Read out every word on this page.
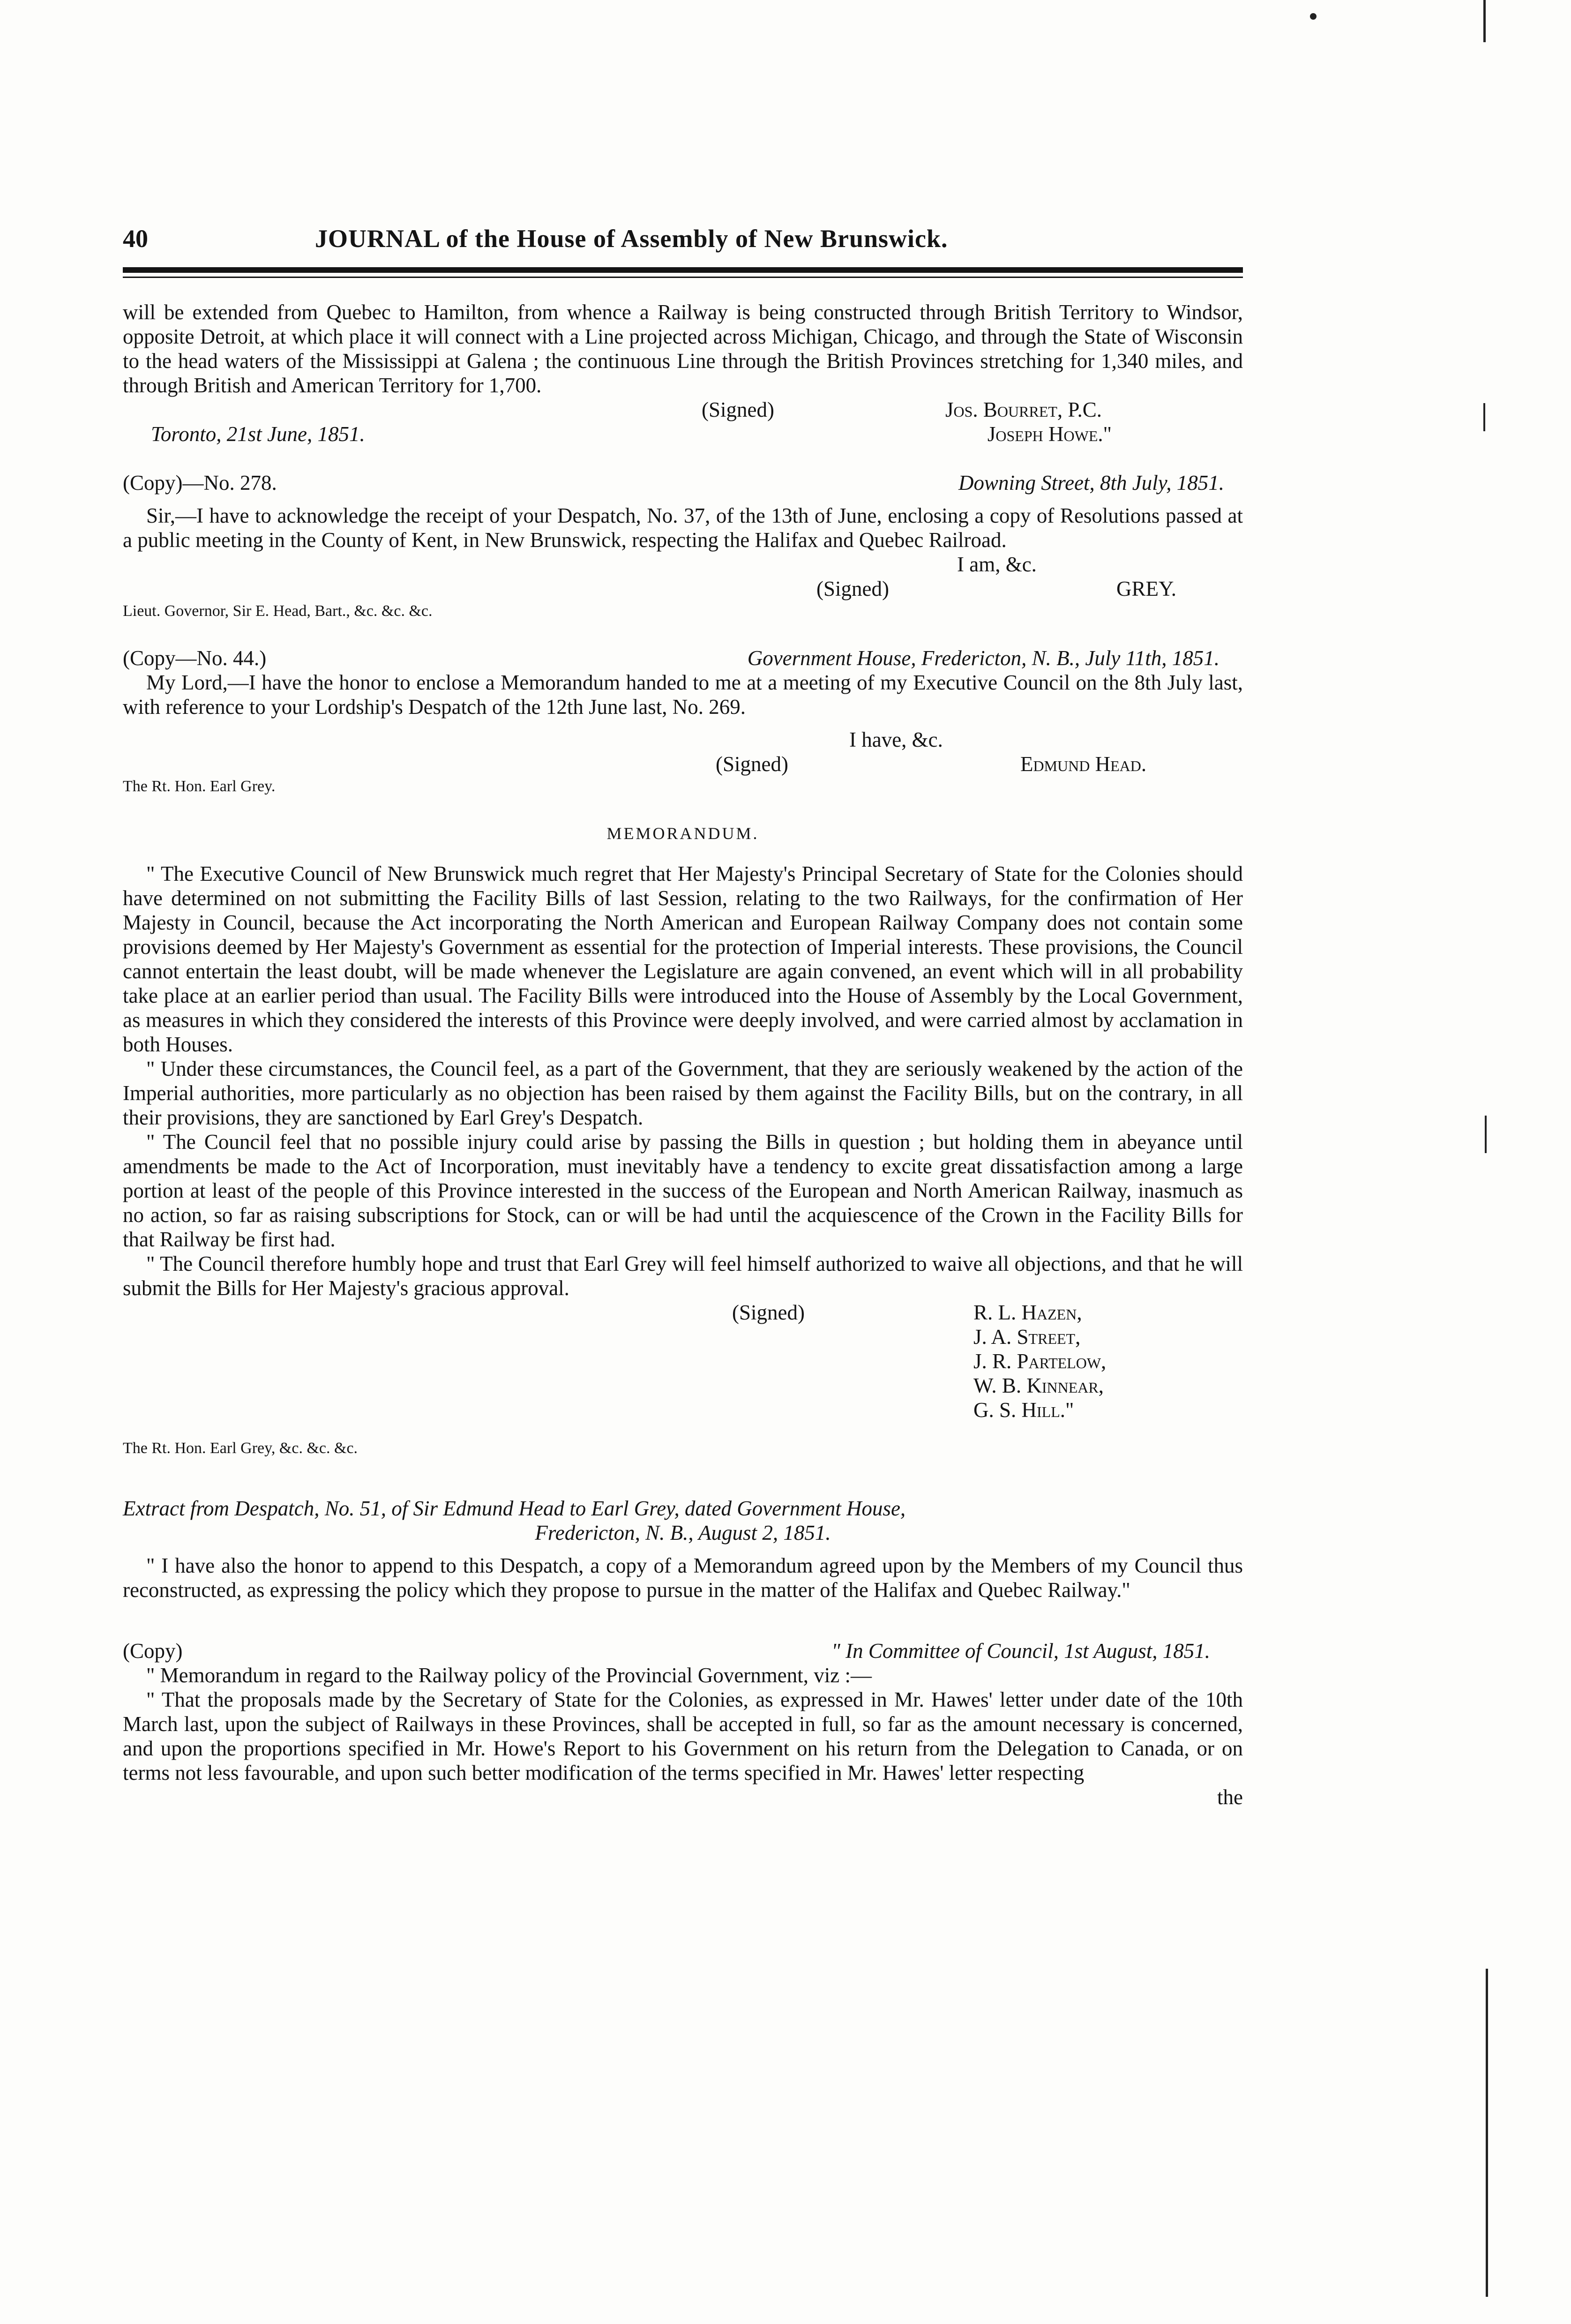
40	JOURNAL of the House of Assembly of New Brunswick.

will be extended from Quebec to Hamilton, from whence a Railway is being constructed through British Territory to Windsor, opposite Detroit, at which place it will connect with a Line projected across Michigan, Chicago, and through the State of Wisconsin to the head waters of the Mississippi at Galena ; the continuous Line through the British Provinces stretching for 1,340 miles, and through British and American Territory for 1,700.

(Signed)	Jos. Bourret, P.C.
Toronto, 21st June, 1851.	Joseph Howe."
(Copy)—No. 278.	Downing Street, 8th July, 1851.

Sir,—I have to acknowledge the receipt of your Despatch, No. 37, of the 13th of June, enclosing a copy of Resolutions passed at a public meeting in the County of Kent, in New Brunswick, respecting the Halifax and Quebec Railroad.

I am, &c.
(Signed)	GREY.
Lieut. Governor, Sir E. Head, Bart., &c. &c. &c.
(Copy—No. 44.)	Government House, Fredericton, N. B., July 11th, 1851.

My Lord,—I have the honor to enclose a Memorandum handed to me at a meeting of my Executive Council on the 8th July last, with reference to your Lordship's Despatch of the 12th June last, No. 269.

I have, &c.
(Signed)	Edmund Head.
The Rt. Hon. Earl Grey.
MEMORANDUM.

" The Executive Council of New Brunswick much regret that Her Majesty's Principal Secretary of State for the Colonies should have determined on not submitting the Facility Bills of last Session, relating to the two Railways, for the confirmation of Her Majesty in Council, because the Act incorporating the North American and European Railway Company does not contain some provisions deemed by Her Majesty's Government as essential for the protection of Imperial interests. These provisions, the Council cannot entertain the least doubt, will be made whenever the Legislature are again convened, an event which will in all probability take place at an earlier period than usual. The Facility Bills were introduced into the House of Assembly by the Local Government, as measures in which they considered the interests of this Province were deeply involved, and were carried almost by acclamation in both Houses.

" Under these circumstances, the Council feel, as a part of the Government, that they are seriously weakened by the action of the Imperial authorities, more particularly as no objection has been raised by them against the Facility Bills, but on the contrary, in all their provisions, they are sanctioned by Earl Grey's Despatch.

" The Council feel that no possible injury could arise by passing the Bills in question ; but holding them in abeyance until amendments be made to the Act of Incorporation, must inevitably have a tendency to excite great dissatisfaction among a large portion at least of the people of this Province interested in the success of the European and North American Railway, inasmuch as no action, so far as raising subscriptions for Stock, can or will be had until the acquiescence of the Crown in the Facility Bills for that Railway be first had.

" The Council therefore humbly hope and trust that Earl Grey will feel himself authorized to waive all objections, and that he will submit the Bills for Her Majesty's gracious approval.

(Signed)	R. L. Hazen,
J. A. Street,
J. R. Partelow,
W. B. Kinnear,
G. S. Hill."
The Rt. Hon. Earl Grey, &c. &c. &c.
Extract from Despatch, No. 51, of Sir Edmund Head to Earl Grey, dated Government House,
Fredericton, N. B., August 2, 1851.

" I have also the honor to append to this Despatch, a copy of a Memorandum agreed upon by the Members of my Council thus reconstructed, as expressing the policy which they propose to pursue in the matter of the Halifax and Quebec Railway."

(Copy)	" In Committee of Council, 1st August, 1851.

" Memorandum in regard to the Railway policy of the Provincial Government, viz :—

" That the proposals made by the Secretary of State for the Colonies, as expressed in Mr. Hawes' letter under date of the 10th March last, upon the subject of Railways in these Provinces, shall be accepted in full, so far as the amount necessary is concerned, and upon the proportions specified in Mr. Howe's Report to his Government on his return from the Delegation to Canada, or on terms not less favourable, and upon such better modification of the terms specified in Mr. Hawes' letter respecting

the
